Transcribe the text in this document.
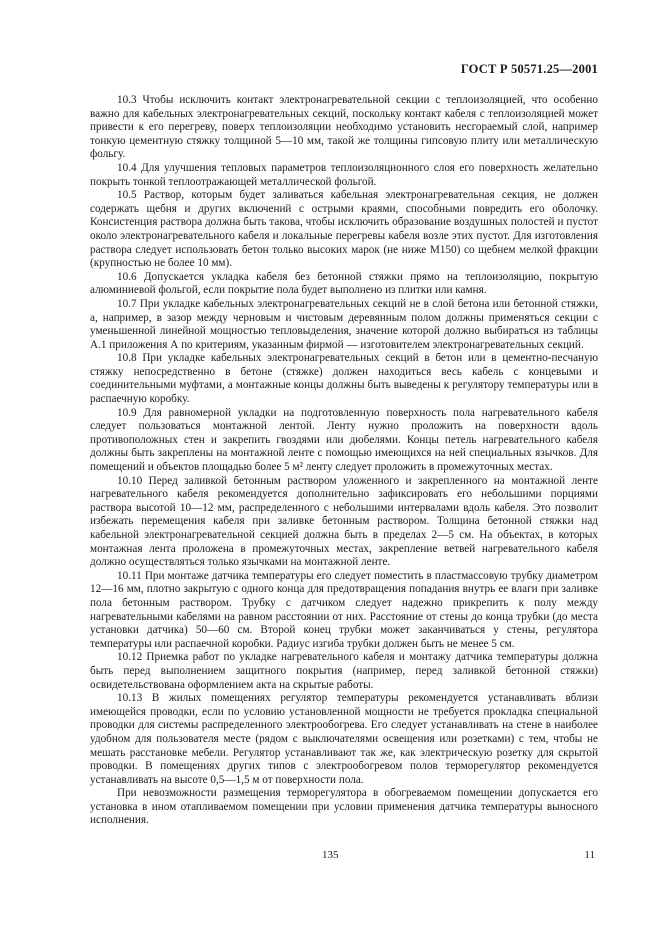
ГОСТ Р 50571.25—2001

10.3 Чтобы исключить контакт электронагревательной секции с теплоизоляцией, что особенно важно для кабельных электронагревательных секций, поскольку контакт кабеля с теплоизоляцией может привести к его перегреву, поверх теплоизоляции необходимо установить несгораемый слой, например тонкую цементную стяжку толщиной 5—10 мм, такой же толщины гипсовую плиту или металлическую фольгу.

10.4 Для улучшения тепловых параметров теплоизоляционного слоя его поверхность желательно покрыть тонкой теплоотражающей металлической фольгой.

10.5 Раствор, которым будет заливаться кабельная электронагревательная секция, не должен содержать щебня и других включений с острыми краями, способными повредить его оболочку. Консистенция раствора должна быть такова, чтобы исключить образование воздушных полостей и пустот около электронагревательного кабеля и локальные перегревы кабеля возле этих пустот. Для изготовления раствора следует использовать бетон только высоких марок (не ниже М150) со щебнем мелкой фракции (крупностью не более 10 мм).

10.6 Допускается укладка кабеля без бетонной стяжки прямо на теплоизоляцию, покрытую алюминиевой фольгой, если покрытие пола будет выполнено из плитки или камня.

10.7 При укладке кабельных электронагревательных секций не в слой бетона или бетонной стяжки, а, например, в зазор между черновым и чистовым деревянным полом должны применяться секции с уменьшенной линейной мощностью тепловыделения, значение которой должно выбираться из таблицы А.1 приложения А по критериям, указанным фирмой — изготовителем электронагревательных секций.

10.8 При укладке кабельных электронагревательных секций в бетон или в цементно-песчаную стяжку непосредственно в бетоне (стяжке) должен находиться весь кабель с концевыми и соединительными муфтами, а монтажные концы должны быть выведены к регулятору температуры или в распаечную коробку.

10.9 Для равномерной укладки на подготовленную поверхность пола нагревательного кабеля следует пользоваться монтажной лентой. Ленту нужно проложить на поверхности вдоль противоположных стен и закрепить гвоздями или дюбелями. Концы петель нагревательного кабеля должны быть закреплены на монтажной ленте с помощью имеющихся на ней специальных язычков. Для помещений и объектов площадью более 5 м² ленту следует проложить в промежуточных местах.

10.10 Перед заливкой бетонным раствором уложенного и закрепленного на монтажной ленте нагревательного кабеля рекомендуется дополнительно зафиксировать его небольшими порциями раствора высотой 10—12 мм, распределенного с небольшими интервалами вдоль кабеля. Это позволит избежать перемещения кабеля при заливке бетонным раствором. Толщина бетонной стяжки над кабельной электронагревательной секцией должна быть в пределах 2—5 см. На объектах, в которых монтажная лента проложена в промежуточных местах, закрепление ветвей нагревательного кабеля должно осуществляться только язычками на монтажной ленте.

10.11 При монтаже датчика температуры его следует поместить в пластмассовую трубку диаметром 12—16 мм, плотно закрытую с одного конца для предотвращения попадания внутрь ее влаги при заливке пола бетонным раствором. Трубку с датчиком следует надежно прикрепить к полу между нагревательными кабелями на равном расстоянии от них. Расстояние от стены до конца трубки (до места установки датчика) 50—60 см. Второй конец трубки может заканчиваться у стены, регулятора температуры или распаечной коробки. Радиус изгиба трубки должен быть не менее 5 см.

10.12 Приемка работ по укладке нагревательного кабеля и монтажу датчика температуры должна быть перед выполнением защитного покрытия (например, перед заливкой бетонной стяжки) освидетельствована оформлением акта на скрытые работы.

10.13 В жилых помещениях регулятор температуры рекомендуется устанавливать вблизи имеющейся проводки, если по условию установленной мощности не требуется прокладка специальной проводки для системы распределенного электрообогрева. Его следует устанавливать на стене в наиболее удобном для пользователя месте (рядом с выключателями освещения или розетками) с тем, чтобы не мешать расстановке мебели. Регулятор устанавливают так же, как электрическую розетку для скрытой проводки. В помещениях других типов с электрообогревом полов терморегулятор рекомендуется устанавливать на высоте 0,5—1,5 м от поверхности пола.

При невозможности размещения терморегулятора в обогреваемом помещении допускается его установка в ином отапливаемом помещении при условии применения датчика температуры выносного исполнения.

135	11
